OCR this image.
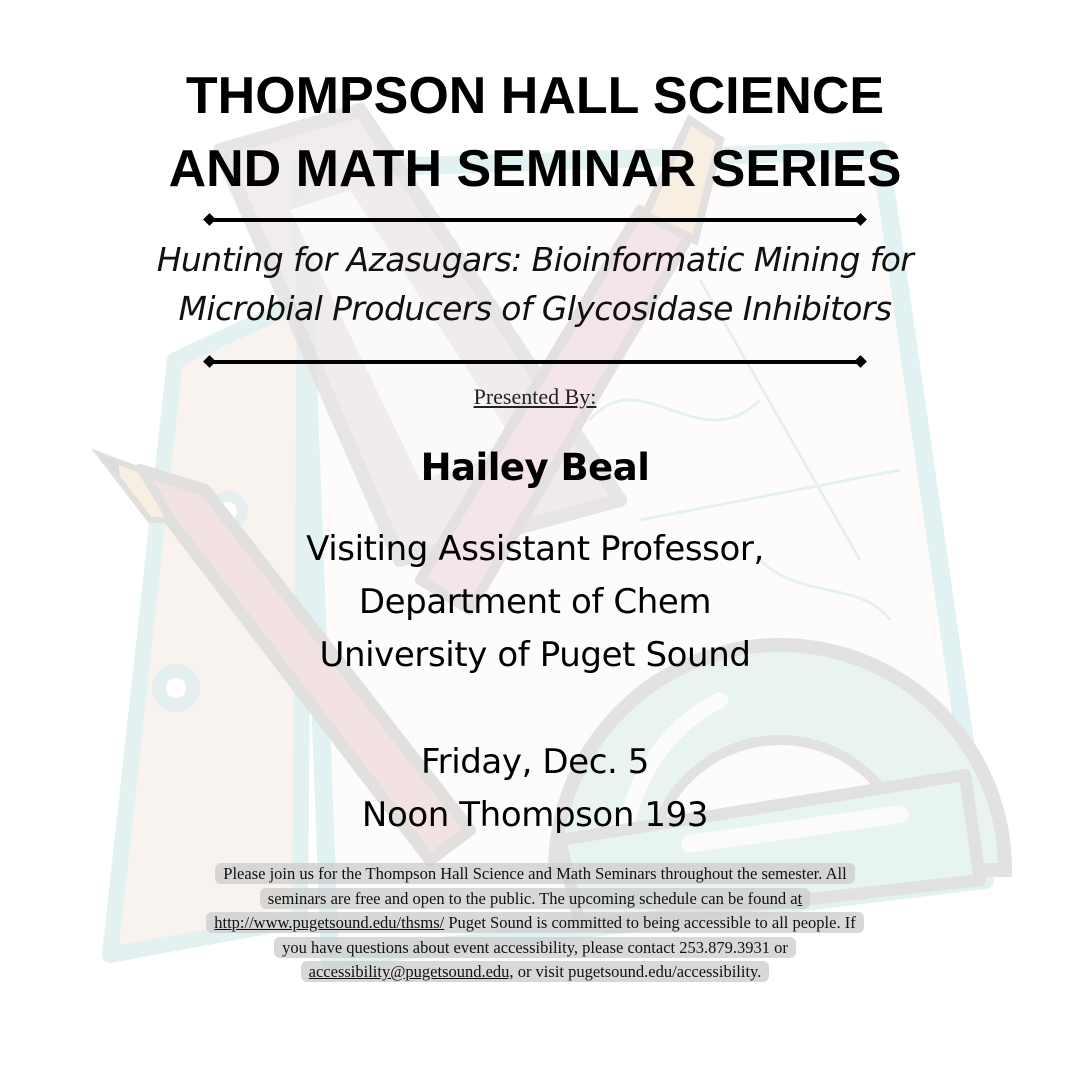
THOMPSON HALL SCIENCE
AND MATH SEMINAR SERIES
Hunting for Azasugars: Bioinformatic Mining for
Microbial Producers of Glycosidase Inhibitors
Presented By:
Hailey Beal
Visiting Assistant Professor,
Department of Chem
University of Puget Sound
Friday, Dec. 5
Noon Thompson 193
Please join us for the Thompson Hall Science and Math Seminars throughout the semester. All
seminars are free and open to the public. The upcoming schedule can be found at
http://www.pugetsound.edu/thsms/ Puget Sound is committed to being accessible to all people. If
you have questions about event accessibility, please contact 253.879.3931 or
accessibility@pugetsound.edu, or visit pugetsound.edu/accessibility.
